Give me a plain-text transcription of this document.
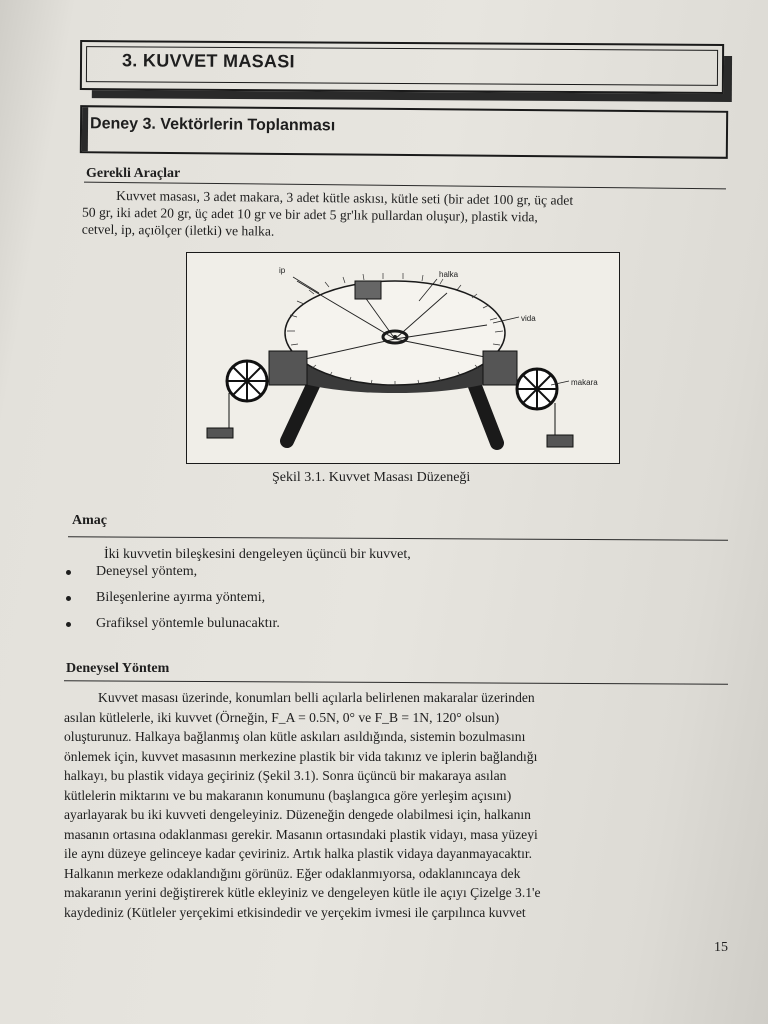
3. KUVVET MASASI
Deney 3. Vektörlerin Toplanması
Gerekli Araçlar
Kuvvet masası, 3 adet makara, 3 adet kütle askısı, kütle seti (bir adet 100 gr, üç adet
50 gr, iki adet 20 gr, üç adet 10 gr ve bir adet 5 gr'lık pullardan oluşur), plastik vida,
cetvel, ip, açıölçer (iletki) ve halka.
ip	halka
vida
makara
Şekil 3.1. Kuvvet Masası Düzeneği
Amaç
İki kuvvetin bileşkesini dengeleyen üçüncü bir kuvvet,
Deneysel yöntem,
Bileşenlerine ayırma yöntemi,
Grafiksel yöntemle bulunacaktır.
Deneysel Yöntem
Kuvvet masası üzerinde, konumları belli açılarla belirlenen makaralar üzerinden
asılan kütlelerle, iki kuvvet (Örneğin, F_A = 0.5N, 0° ve F_B = 1N, 120° olsun)
oluşturunuz. Halkaya bağlanmış olan kütle askıları asıldığında, sistemin bozulmasını
önlemek için, kuvvet masasının merkezine plastik bir vida takınız ve iplerin bağlandığı
halkayı, bu plastik vidaya geçiriniz (Şekil 3.1). Sonra üçüncü bir makaraya asılan
kütlelerin miktarını ve bu makaranın konumunu (başlangıca göre yerleşim açısını)
ayarlayarak bu iki kuvveti dengeleyiniz. Düzeneğin dengede olabilmesi için, halkanın
masanın ortasına odaklanması gerekir. Masanın ortasındaki plastik vidayı, masa yüzeyi
ile aynı düzeye gelinceye kadar çeviriniz. Artık halka plastik vidaya dayanmayacaktır.
Halkanın merkeze odaklandığını görünüz. Eğer odaklanmıyorsa, odaklanıncaya dek
makaranın yerini değiştirerek kütle ekleyiniz ve dengeleyen kütle ile açıyı Çizelge 3.1'e
kaydediniz (Kütleler yerçekimi etkisindedir ve yerçekim ivmesi ile çarpılınca kuvvet
15
